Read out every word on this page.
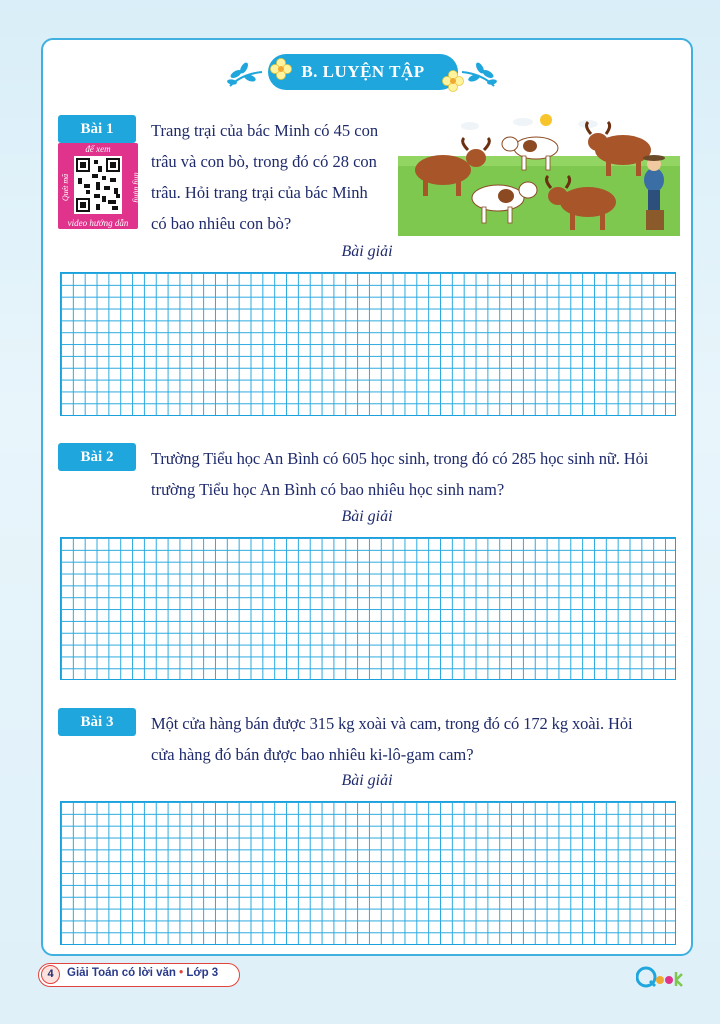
B. LUYỆN TẬP
Bài 1
để xem
Quét mã	ứng dụng
video hướng dẫn
Trang trại của bác Minh có 45 con
trâu và con bò, trong đó có 28 con
trâu. Hỏi trang trại của bác Minh
có bao nhiêu con bò?
Bài giải
Bài 2	Trường Tiểu học An Bình có 605 học sinh, trong đó có 285 học sinh nữ. Hỏi
trường Tiểu học An Bình có bao nhiêu học sinh nam?
Bài giải
Bài 3	Một cửa hàng bán được 315 kg xoài và cam, trong đó có 172 kg xoài. Hỏi
cửa hàng đó bán được bao nhiêu ki-lô-gam cam?
Bài giải
4	Giải Toán có lời văn • Lớp 3
